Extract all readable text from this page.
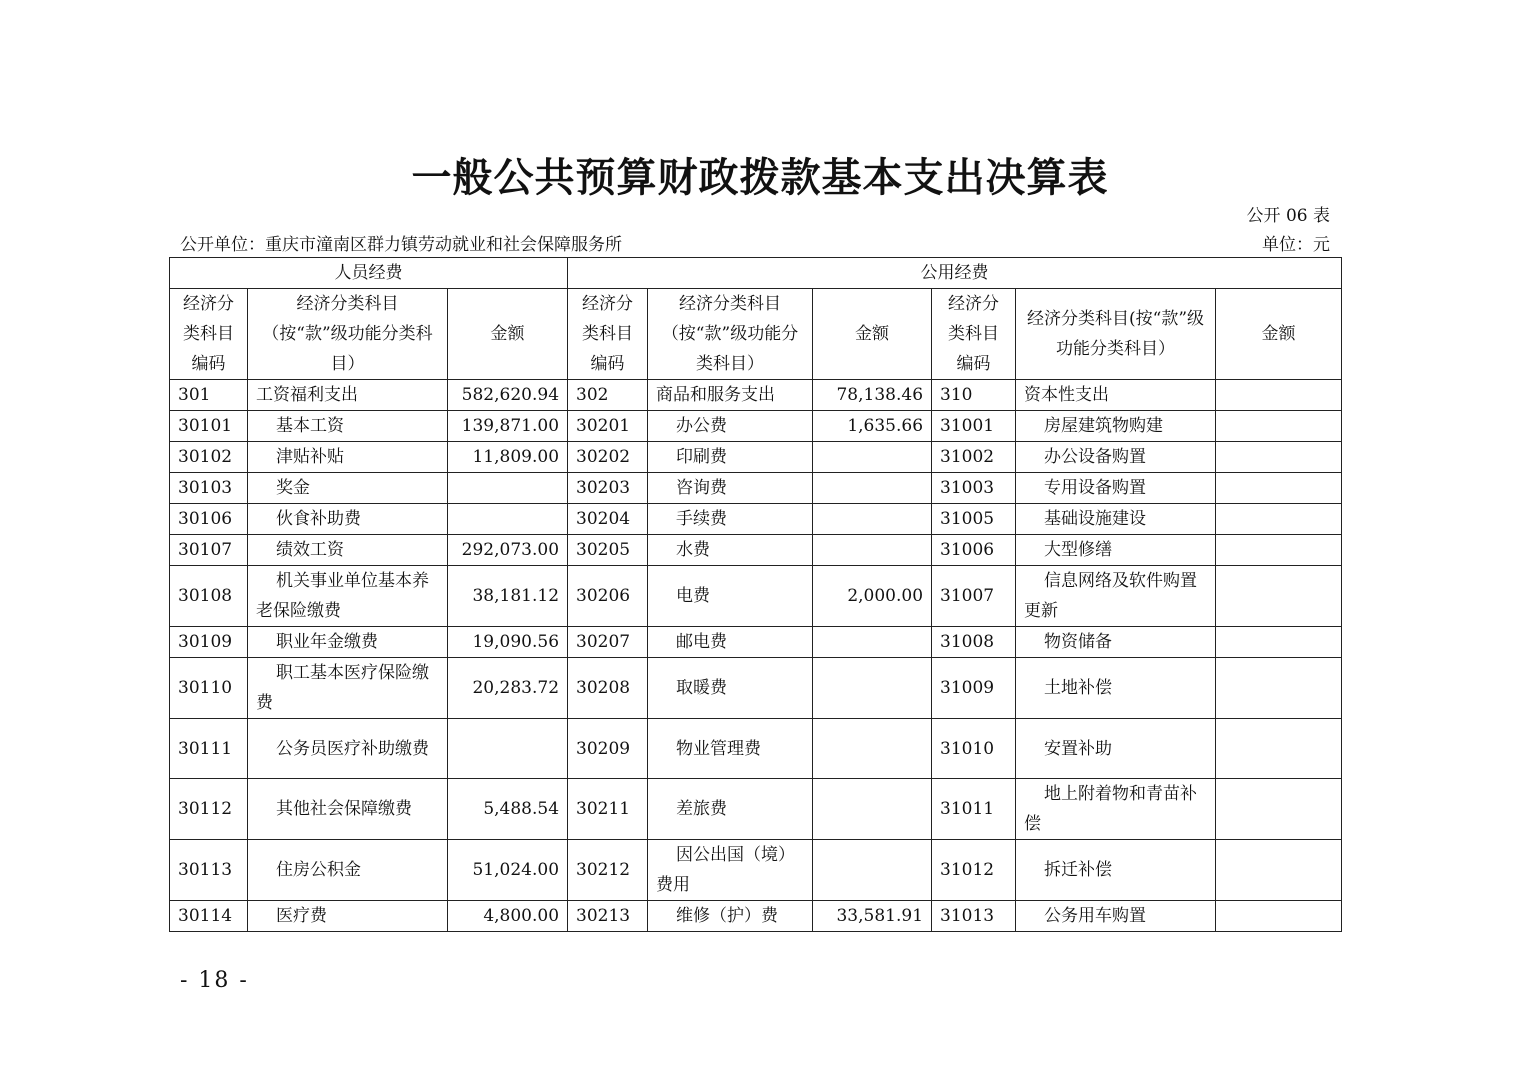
一般公共预算财政拨款基本支出决算表
公开 06 表
公开单位：重庆市潼南区群力镇劳动就业和社会保障服务所	单位：元
人员经费			公用经费					
经济分类科目编码	经济分类科目（按“款”级功能分类科目）	金额	经济分类科目编码	经济分类科目（按“款”级功能分类科目）	金额	经济分类科目编码	经济分类科目(按“款”级功能分类科目）	金额
301	工资福利支出	582,620.94	302	商品和服务支出	78,138.46	310	资本性支出	
30101	基本工资	139,871.00	30201	办公费	1,635.66	31001	房屋建筑物购建	
30102	津贴补贴	11,809.00	30202	印刷费		31002	办公设备购置	
30103	奖金		30203	咨询费		31003	专用设备购置	
30106	伙食补助费		30204	手续费		31005	基础设施建设	
30107	绩效工资	292,073.00	30205	水费		31006	大型修缮	
30108	机关事业单位基本养老保险缴费	38,181.12	30206	电费	2,000.00	31007	信息网络及软件购置更新	
30109	职业年金缴费	19,090.56	30207	邮电费		31008	物资储备	
30110	职工基本医疗保险缴费	20,283.72	30208	取暖费		31009	土地补偿	
30111	公务员医疗补助缴费		30209	物业管理费		31010	安置补助	
30112	其他社会保障缴费	5,488.54	30211	差旅费		31011	地上附着物和青苗补偿	
30113	住房公积金	51,024.00	30212	因公出国（境）费用		31012	拆迁补偿	
30114	医疗费	4,800.00	30213	维修（护）费	33,581.91	31013	公务用车购置	
- 18 -
